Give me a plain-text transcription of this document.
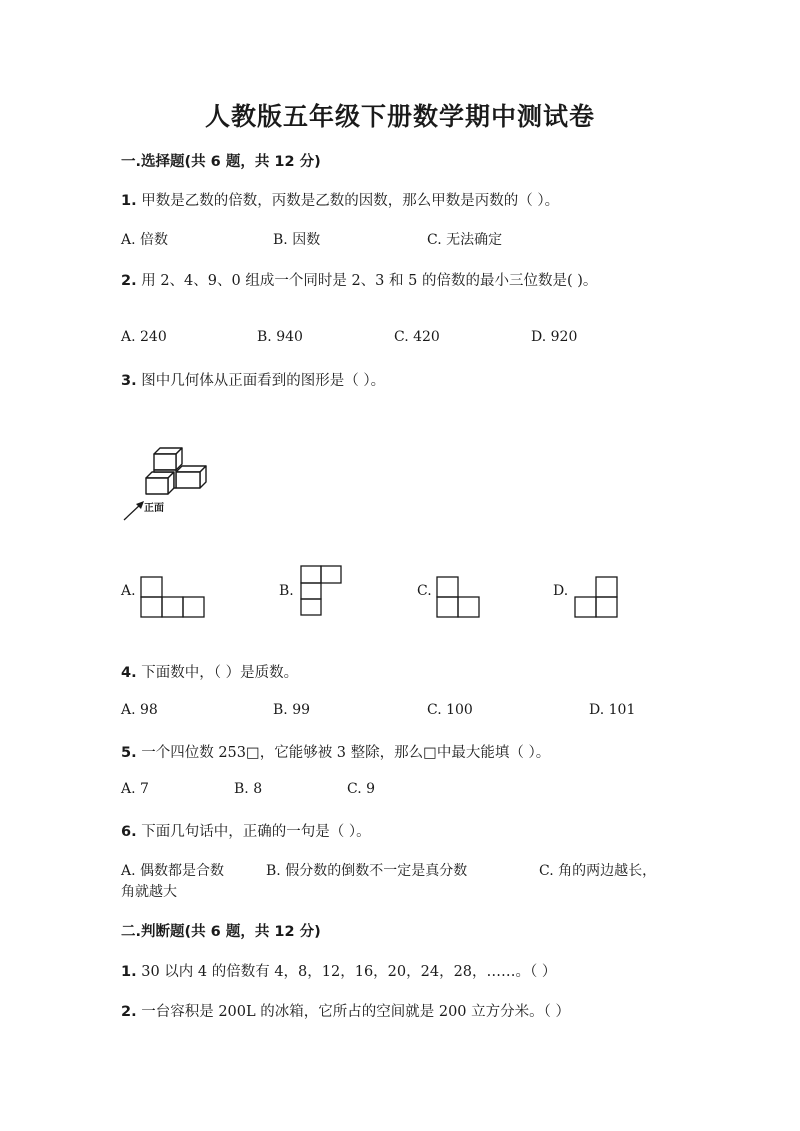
人教版五年级下册数学期中测试卷
一.选择题(共 6 题，共 12 分)
1. 甲数是乙数的倍数，丙数是乙数的因数，那么甲数是丙数的（ ）。
A. 倍数	B. 因数	C. 无法确定
2. 用 2、4、9、0 组成一个同时是 2、3 和 5 的倍数的最小三位数是( )。
A. 240	B. 940	C. 420	D. 920
3. 图中几何体从正面看到的图形是（ ）。
正面
A.	B.	C.	D.
4. 下面数中，（ ）是质数。
A. 98	B. 99	C. 100	D. 101
5. 一个四位数 253□，它能够被 3 整除，那么□中最大能填（ ）。
A. 7	B. 8	C. 9
6. 下面几句话中，正确的一句是（ ）。
A. 偶数都是合数	B. 假分数的倒数不一定是真分数	C. 角的两边越长，
角就越大
二.判断题(共 6 题，共 12 分)
1. 30 以内 4 的倍数有 4，8，12，16，20，24，28，……。（ ）
2. 一台容积是 200L 的冰箱，它所占的空间就是 200 立方分米。（ ）
